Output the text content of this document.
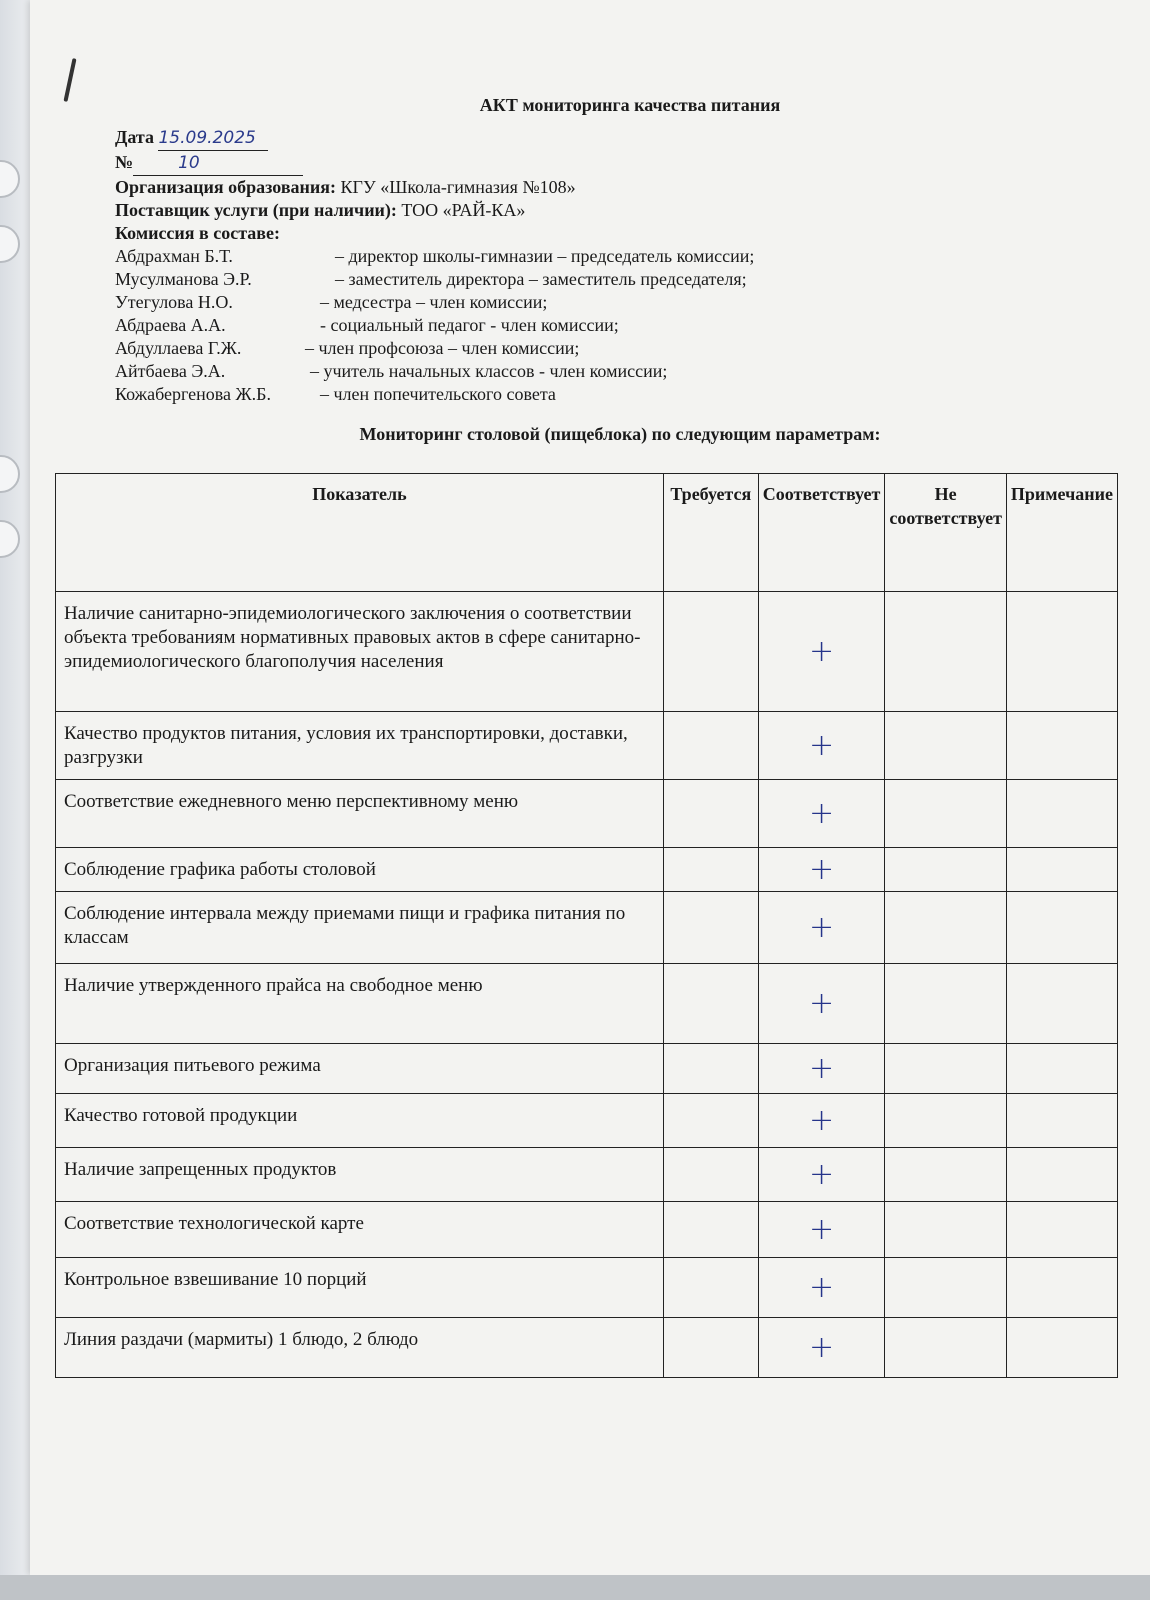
АКТ мониторинга качества питания
Дата 15.09.2025
№	10
Организация образования: КГУ «Школа-гимназия №108»
Поставщик услуги (при наличии): ТОО «РАЙ-КА»
Комиссия в составе:
Абдрахман Б.Т.	– директор школы-гимназии – председатель комиссии;
Мусулманова Э.Р.	– заместитель директора – заместитель председателя;
Утегулова Н.О.	– медсестра – член комиссии;
Абдраева А.А.	- социальный педагог - член комиссии;
Абдуллаева Г.Ж.	– член профсоюза – член комиссии;
Айтбаева Э.А.	– учитель начальных классов - член комиссии;
Кожабергенова Ж.Б.	– член попечительского совета
Мониторинг столовой (пищеблока) по следующим параметрам:
Показатель	Требуется	Соответствует	Не соответствует	Примечание
Наличие санитарно-эпидемиологического заключения о соответствии объекта требованиям нормативных правовых актов в сфере санитарно-эпидемиологического благополучия населения		+		
Качество продуктов питания, условия их транспортировки, доставки, разгрузки		+		
Соответствие ежедневного меню перспективному меню		+		
Соблюдение графика работы столовой		+		
Соблюдение интервала между приемами пищи и графика питания по классам		+		
Наличие утвержденного прайса на свободное меню		+		
Организация питьевого режима		+		
Качество готовой продукции		+		
Наличие запрещенных продуктов		+		
Соответствие технологической карте		+		
Контрольное взвешивание 10 порций		+		
Линия раздачи (мармиты) 1 блюдо, 2 блюдо		+		
